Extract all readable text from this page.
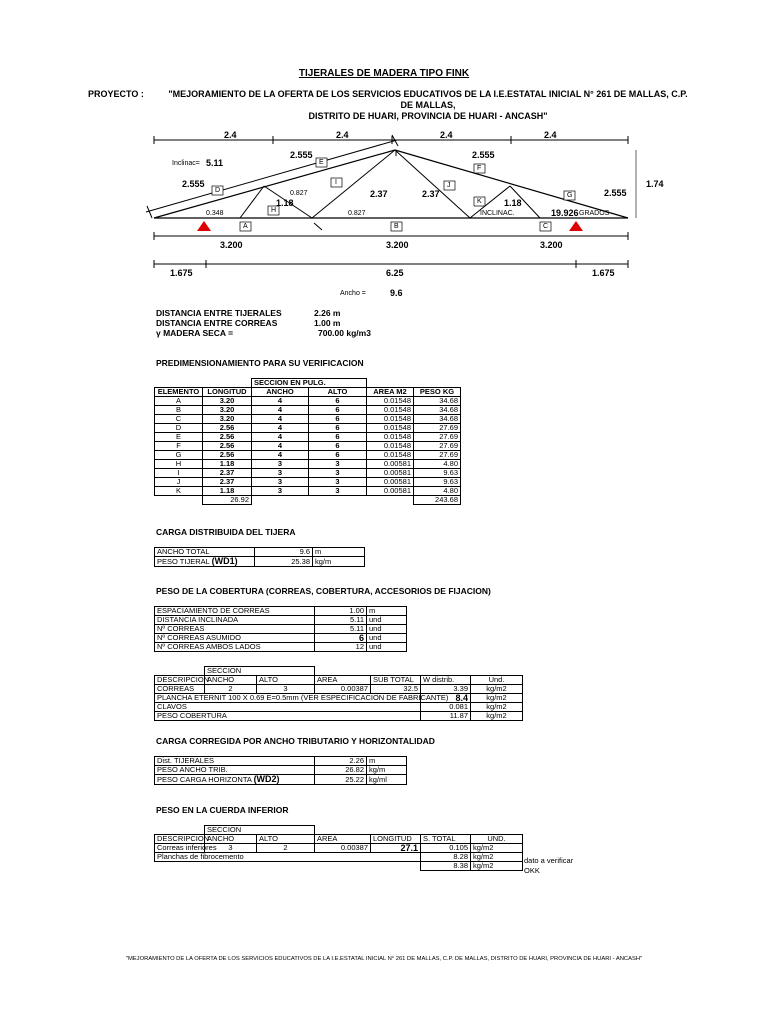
TIJERALES DE MADERA TIPO FINK
PROYECTO :	"MEJORAMIENTO DE LA OFERTA DE LOS SERVICIOS EDUCATIVOS DE LA I.E.ESTATAL INICIAL N° 261 DE MALLAS, C.P. DE MALLAS,
DISTRITO DE HUARI, PROVINCIA DE HUARI - ANCASH"
2.4	2.4	2.4	2.4
Inclinac= 5.11
2.555	2.555
2.555
2.555
1.74
0.827
0.827
2.37	2.37
1.18	1.18
0.348	INCLINAC.	19.926 GRADOS
A	B	C
D
E
F
G
H
I	J
K
3.200	3.200	3.200
1.675	6.25	1.675
Ancho =	9.6
DISTANCIA ENTRE TIJERALES	2.26 m
DISTANCIA ENTRE CORREAS	1.00 m
γ MADERA SECA =	700.00 kg/m3
PREDIMENSIONAMIENTO PARA SU VERIFICACION
		SECCION EN PULG.			
ELEMENTO	LONGITUD	ANCHO	ALTO	AREA M2	PESO KG
A	3.20	4	6	0.01548	34.68
B	3.20	4	6	0.01548	34.68
C	3.20	4	6	0.01548	34.68
D	2.56	4	6	0.01548	27.69
E	2.56	4	6	0.01548	27.69
F	2.56	4	6	0.01548	27.69
G	2.56	4	6	0.01548	27.69
H	1.18	3	3	0.00581	4.80
I	2.37	3	3	0.00581	9.63
J	2.37	3	3	0.00581	9.63
K	1.18	3	3	0.00581	4.80
	26.92				243.68
CARGA DISTRIBUIDA DEL TIJERA
ANCHO TOTAL	9.6	m
PESO TIJERAL (WD1)	25.38	kg/m
PESO DE LA COBERTURA (CORREAS, COBERTURA, ACCESORIOS DE FIJACION)
ESPACIAMIENTO DE CORREAS	1.00	m
DISTANCIA INCLINADA	5.11	und
Nº CORREAS	5.11	und
Nº CORREAS ASUMIDO	6	und
Nº CORREAS AMBOS LADOS	12	und
	SECCION					
DESCRIPCION	ANCHO	ALTO	AREA	SUB TOTAL	W distrib.	Und.
CORREAS	2	3	0.00387	32.5	3.39	kg/m2
PLANCHA ETERNIT 100 X 0.69 E=0.5mm (VER ESPECIFICACION DE FABRICANTE)					8.4	kg/m2
CLAVOS					0.081	kg/m2
PESO COBERTURA					11.87	kg/m2
CARGA CORREGIDA POR ANCHO TRIBUTARIO Y HORIZONTALIDAD
Dist. TIJERALES	2.26	m
PESO ANCHO TRIB.	26.82	kg/m
PESO CARGA HORIZONTA (WD2)	25.22	kg/ml
PESO EN LA CUERDA INFERIOR
	SECCION					
DESCRIPCION	ANCHO	ALTO	AREA	LONGITUD	S. TOTAL	UND.
Correas inferiores	3	2	0.00387	27.1	0.105	kg/m2
Planchas de fibrocemento					8.28	kg/m2
					8.38	kg/m2
dato a verificar
OKK
"MEJORAMIENTO DE LA OFERTA DE LOS SERVICIOS EDUCATIVOS DE LA I.E.ESTATAL INICIAL N° 261 DE MALLAS, C.P. DE MALLAS, DISTRITO DE HUARI, PROVINCIA DE HUARI - ANCASH"
